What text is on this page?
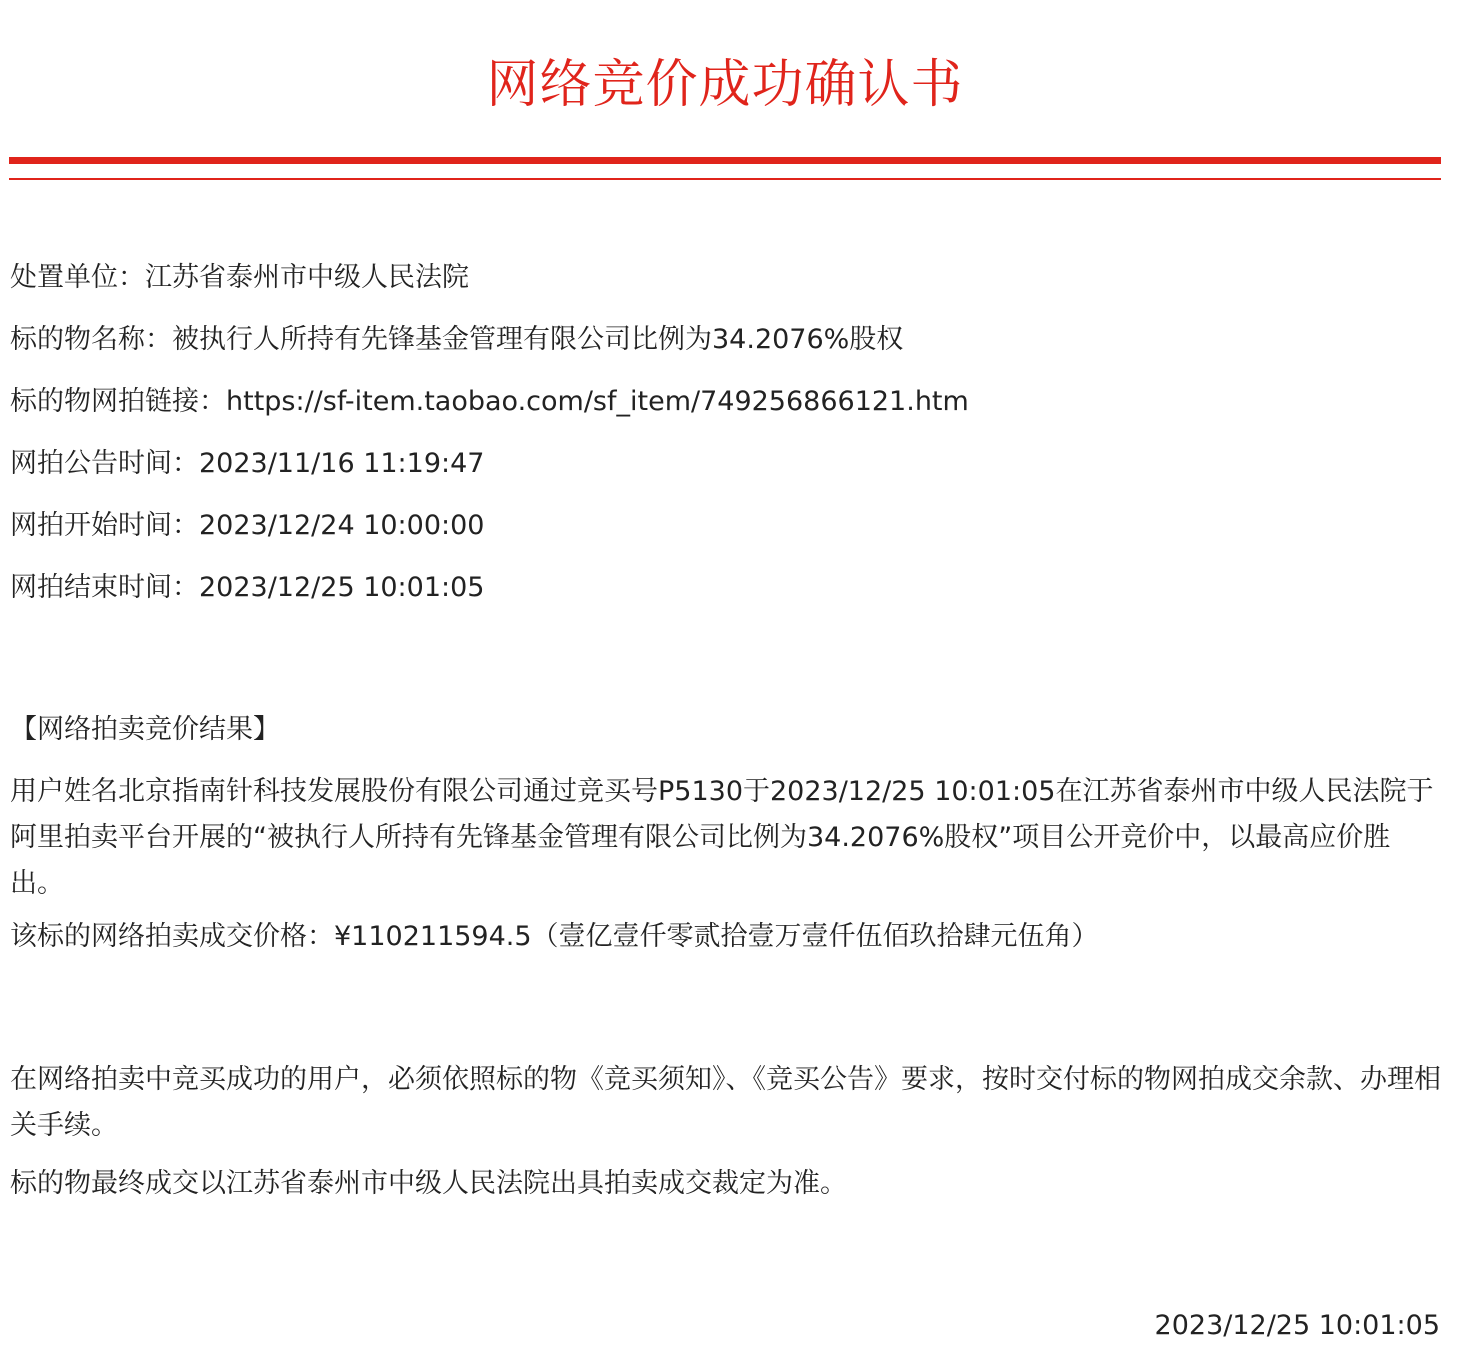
网络竞价成功确认书
处置单位：江苏省泰州市中级人民法院
标的物名称：被执行人所持有先锋基金管理有限公司比例为34.2076%股权
标的物网拍链接：https://sf-item.taobao.com/sf_item/749256866121.htm
网拍公告时间：2023/11/16 11:19:47
网拍开始时间：2023/12/24 10:00:00
网拍结束时间：2023/12/25 10:01:05
【网络拍卖竞价结果】
用户姓名北京指南针科技发展股份有限公司通过竞买号P5130于2023/12/25 10:01:05在江苏省泰州市中级人民法院于阿里拍卖平台开展的“被执行人所持有先锋基金管理有限公司比例为34.2076%股权”项目公开竞价中，以最高应价胜出。
该标的网络拍卖成交价格：¥110211594.5（壹亿壹仟零贰拾壹万壹仟伍佰玖拾肆元伍角）
在网络拍卖中竞买成功的用户，必须依照标的物《竞买须知》、《竞买公告》要求，按时交付标的物网拍成交余款、办理相关手续。
标的物最终成交以江苏省泰州市中级人民法院出具拍卖成交裁定为准。
2023/12/25 10:01:05
